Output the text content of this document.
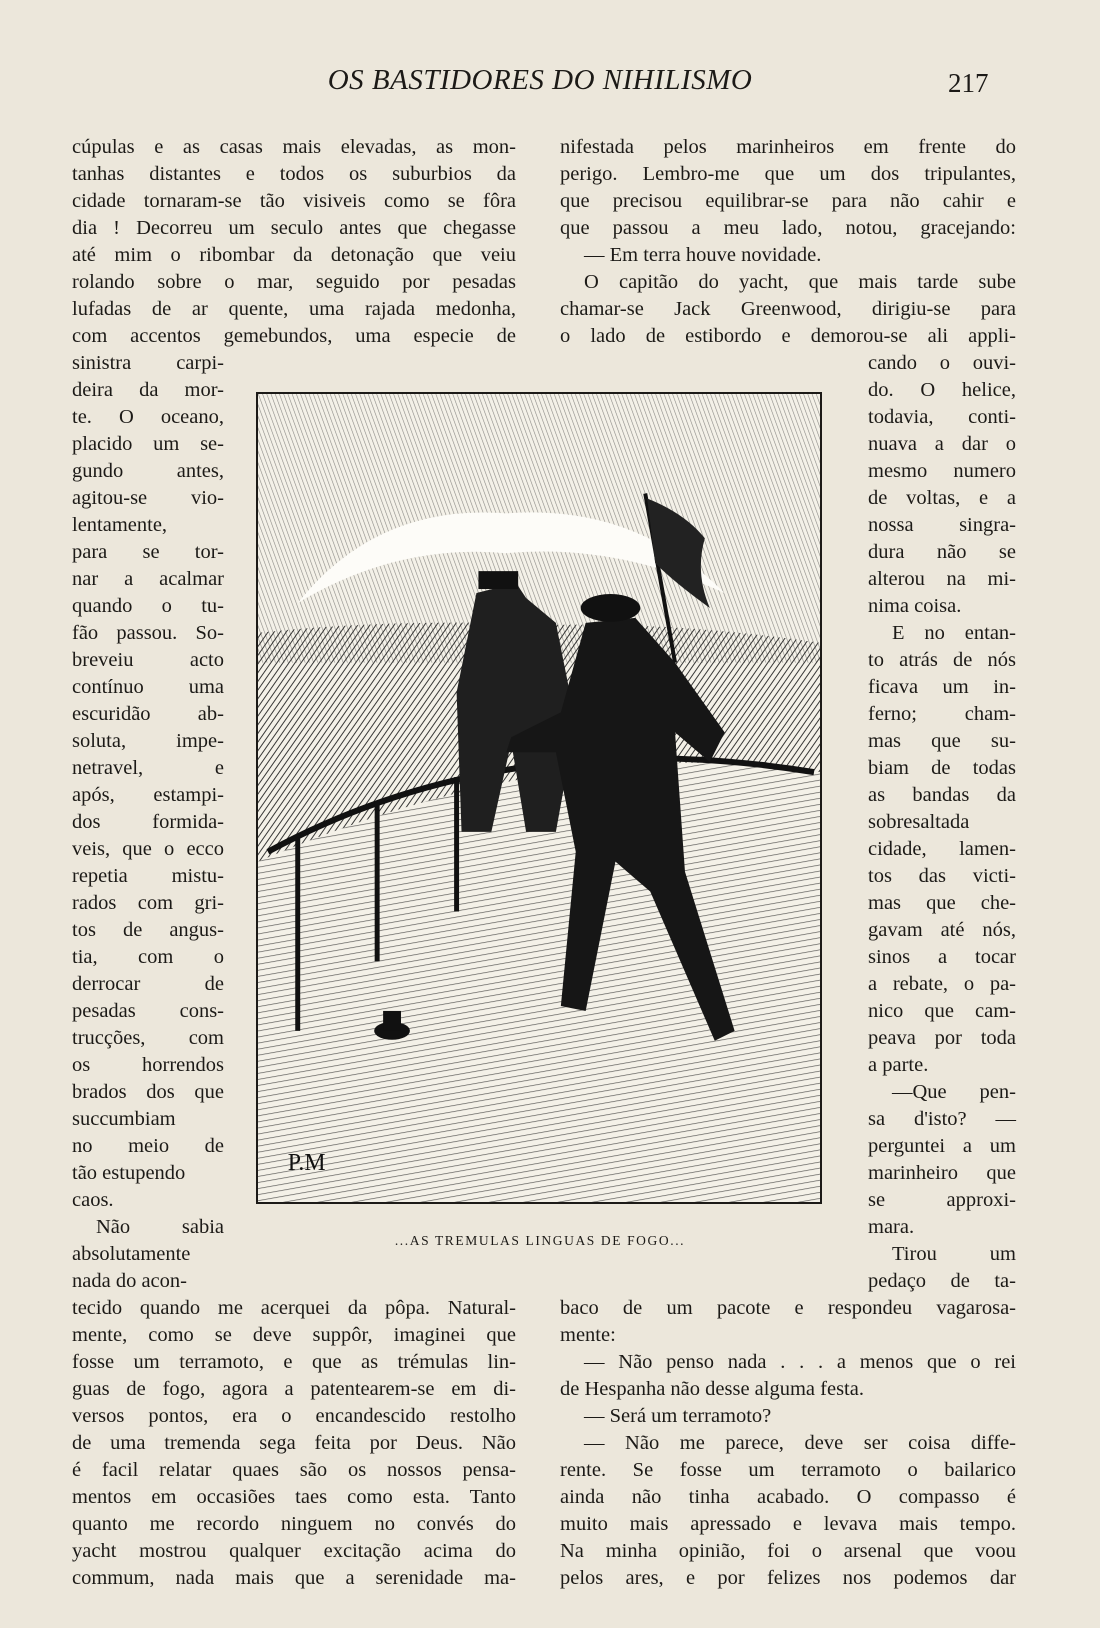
OS BASTIDORES DO NIHILISMO	217
cúpulas e as casas mais elevadas, as mon-
tanhas distantes e todos os suburbios da
cidade tornaram-se tão visiveis como se fôra
dia ! Decorreu um seculo antes que chegasse
até mim o ribombar da detonação que veiu
rolando sobre o mar, seguido por pesadas
lufadas de ar quente, uma rajada medonha,
com accentos gemebundos, uma especie de
sinistra carpi-
deira da mor-
te. O oceano,
placido um se-
gundo antes,
agitou-se vio-
lentamente,
para se tor-
nar a acalmar
quando o tu-
fão passou. So-
breveiu acto
contínuo uma
escuridão ab-
soluta, impe-
netravel, e
após, estampi-
dos formida-
veis, que o ecco
repetia mistu-
rados com gri-
tos de angus-
tia, com o
derrocar de
pesadas cons-
trucções, com
os horrendos
brados dos que
succumbiam
no meio de
tão estupendo
caos.
Não sabia
absolutamente
nada do acon-
tecido quando me acerquei da pôpa. Natural-
mente, como se deve suppôr, imaginei que
fosse um terramoto, e que as trémulas lin-
guas de fogo, agora a patentearem-se em di-
versos pontos, era o encandescido restolho
de uma tremenda sega feita por Deus. Não
é facil relatar quaes são os nossos pensa-
mentos em occasiões taes como esta. Tanto
quanto me recordo ninguem no convés do
yacht mostrou qualquer excitação acima do
commum, nada mais que a serenidade ma-
nifestada pelos marinheiros em frente do
perigo. Lembro-me que um dos tripulantes,
que precisou equilibrar-se para não cahir e
que passou a meu lado, notou, gracejando:
— Em terra houve novidade.
O capitão do yacht, que mais tarde sube
chamar-se Jack Greenwood, dirigiu-se para
o lado de estibordo e demorou-se ali appli-
cando o ouvi-
do. O helice,
todavia, conti-
nuava a dar o
mesmo numero
de voltas, e a
nossa singra-
dura não se
alterou na mi-
nima coisa.
E no entan-
to atrás de nós
ficava um in-
ferno; cham-
mas que su-
biam de todas
as bandas da
sobresaltada
cidade, lamen-
tos das victi-
mas que che-
gavam até nós,
sinos a tocar
a rebate, o pa-
nico que cam-
peava por toda
a parte.
—Que pen-
sa d'isto? —
perguntei a um
marinheiro que
se approxi-
mara.
Tirou um
pedaço de ta-
baco de um pacote e respondeu vagarosa-
mente:
— Não penso nada . . . a menos que o rei
de Hespanha não desse alguma festa.
— Será um terramoto?
— Não me parece, deve ser coisa diffe-
rente. Se fosse um terramoto o bailarico
ainda não tinha acabado. O compasso é
muito mais apressado e levava mais tempo.
Na minha opinião, foi o arsenal que voou
pelos ares, e por felizes nos podemos dar
P.M
...AS TREMULAS LINGUAS DE FOGO...
